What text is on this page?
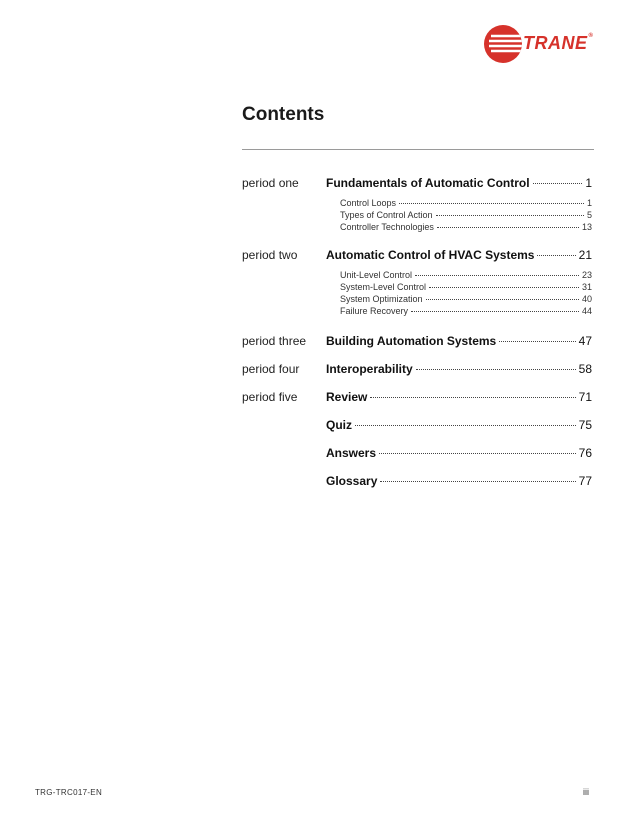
TRANE®
Contents
period one Fundamentals of Automatic Control	1
Control Loops	1
Types of Control Action	5
Controller Technologies	13
period two Automatic Control of HVAC Systems	21
Unit-Level Control	23
System-Level Control	31
System Optimization	40
Failure Recovery	44
period three Building Automation Systems	47
period four Interoperability	58
period five Review	71
Quiz	75
Answers	76
Glossary	77
TRG-TRC017-EN	iii
